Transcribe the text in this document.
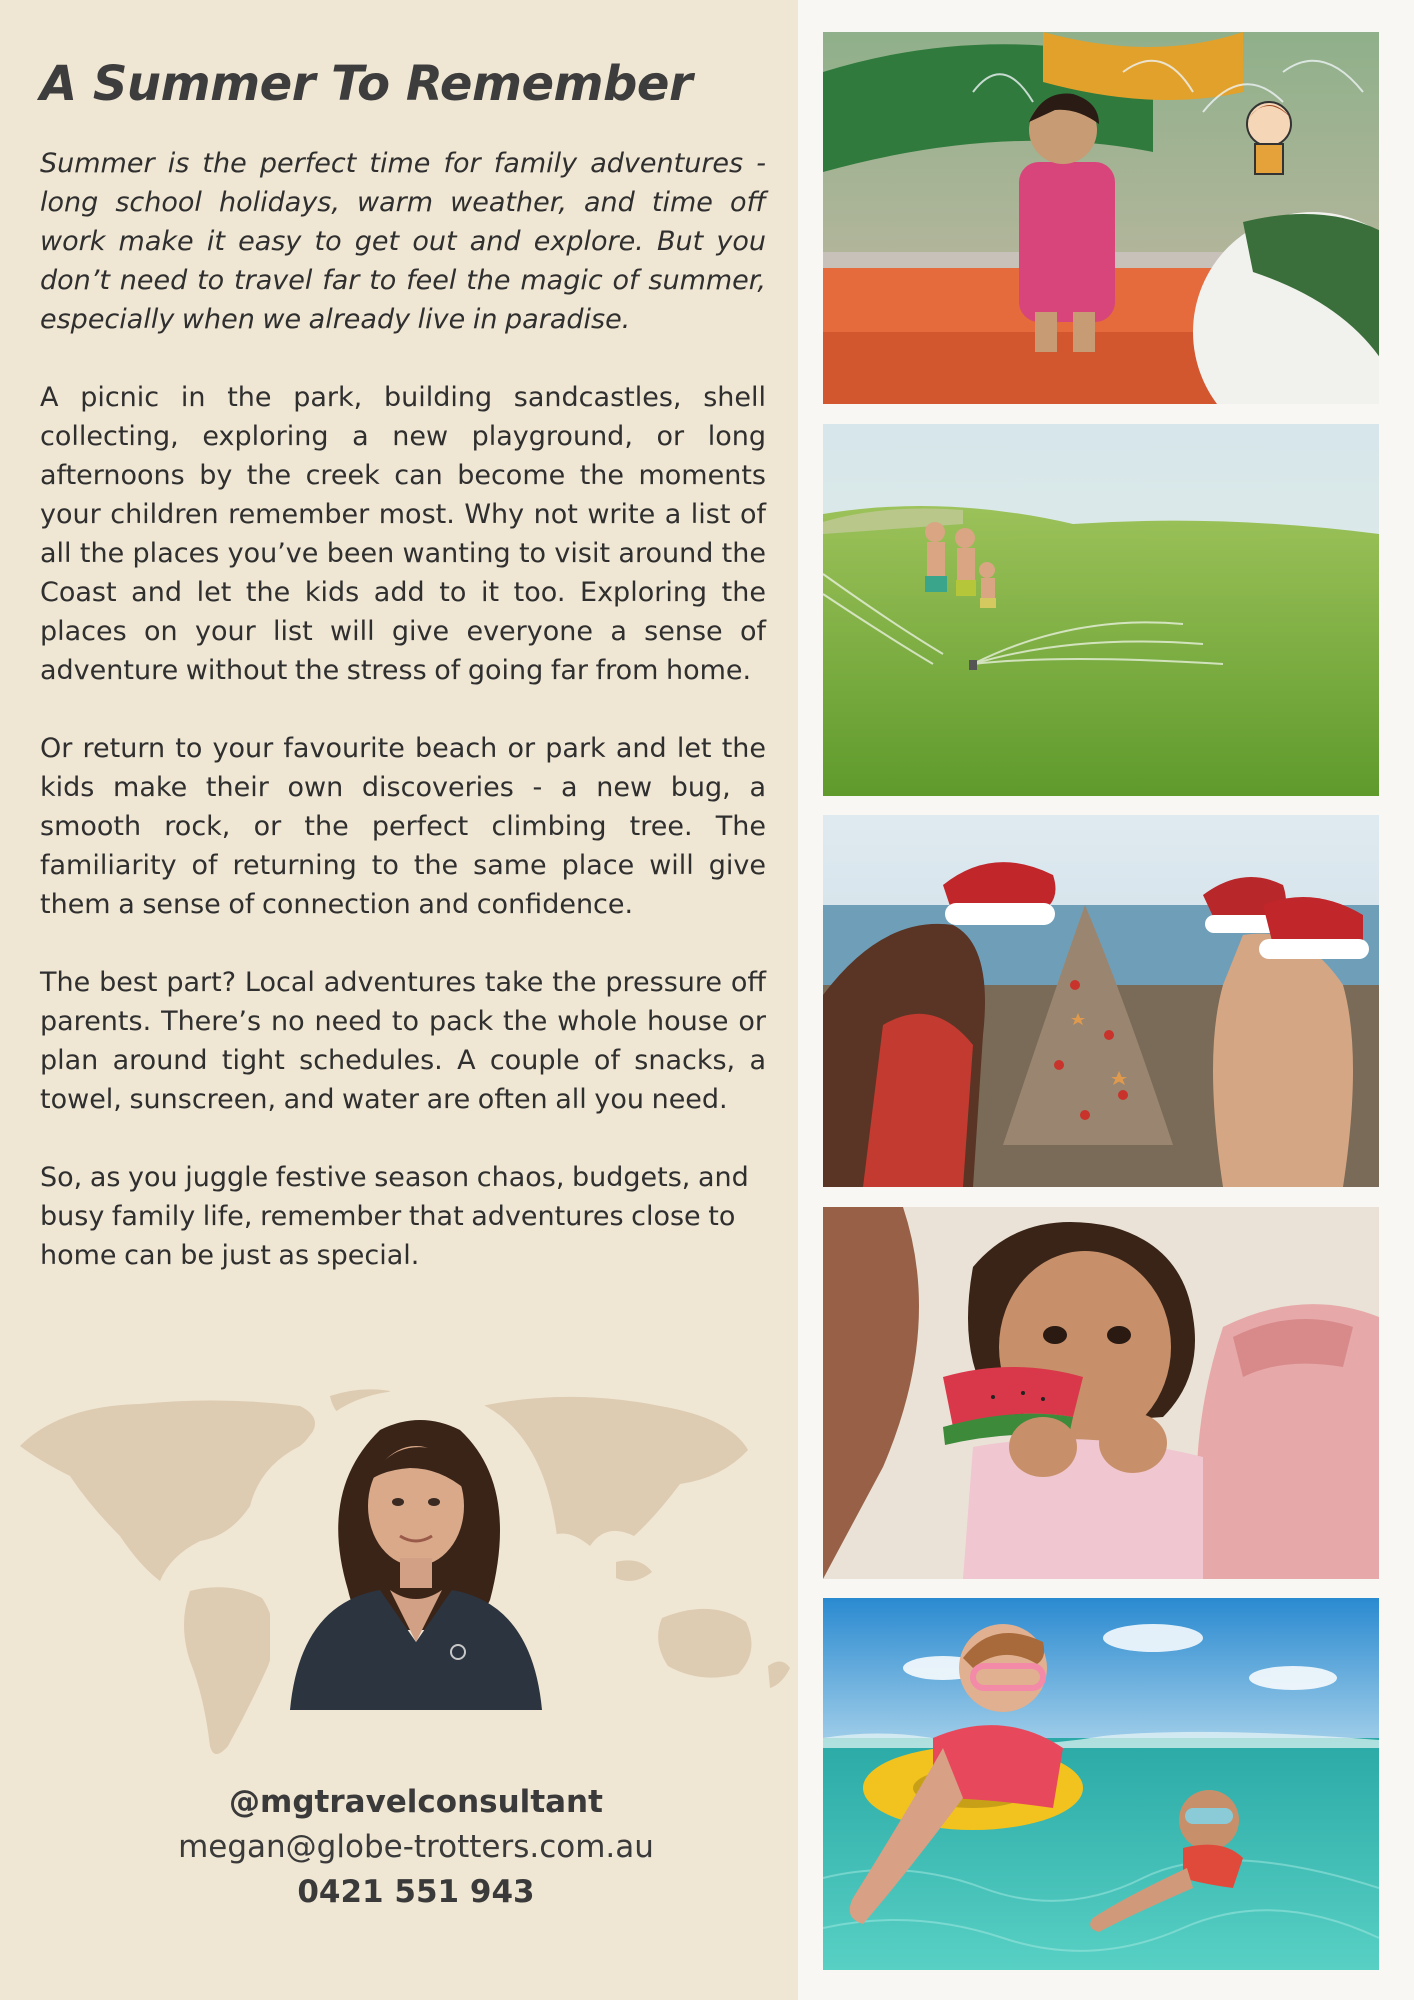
A Summer To Remember

Summer is the perfect time for family adventures - long school holidays, warm weather, and time off work make it easy to get out and explore. But you don’t need to travel far to feel the magic of summer, especially when we already live in paradise.

A picnic in the park, building sandcastles, shell collecting, exploring a new playground, or long afternoons by the creek can become the moments your children remember most. Why not write a list of all the places you’ve been wanting to visit around the Coast and let the kids add to it too. Exploring the places on your list will give everyone a sense of adventure without the stress of going far from home.

Or return to your favourite beach or park and let the kids make their own discoveries - a new bug, a smooth rock, or the perfect climbing tree. The familiarity of returning to the same place will give them a sense of connection and confidence.

The best part? Local adventures take the pressure off parents. There’s no need to pack the whole house or plan around tight schedules. A couple of snacks, a towel, sunscreen, and water are often all you need.

So, as you juggle festive season chaos, budgets, and busy family life, remember that adventures close to home can be just as special.

@mgtravelconsultant
megan@globe-trotters.com.au
0421 551 943
